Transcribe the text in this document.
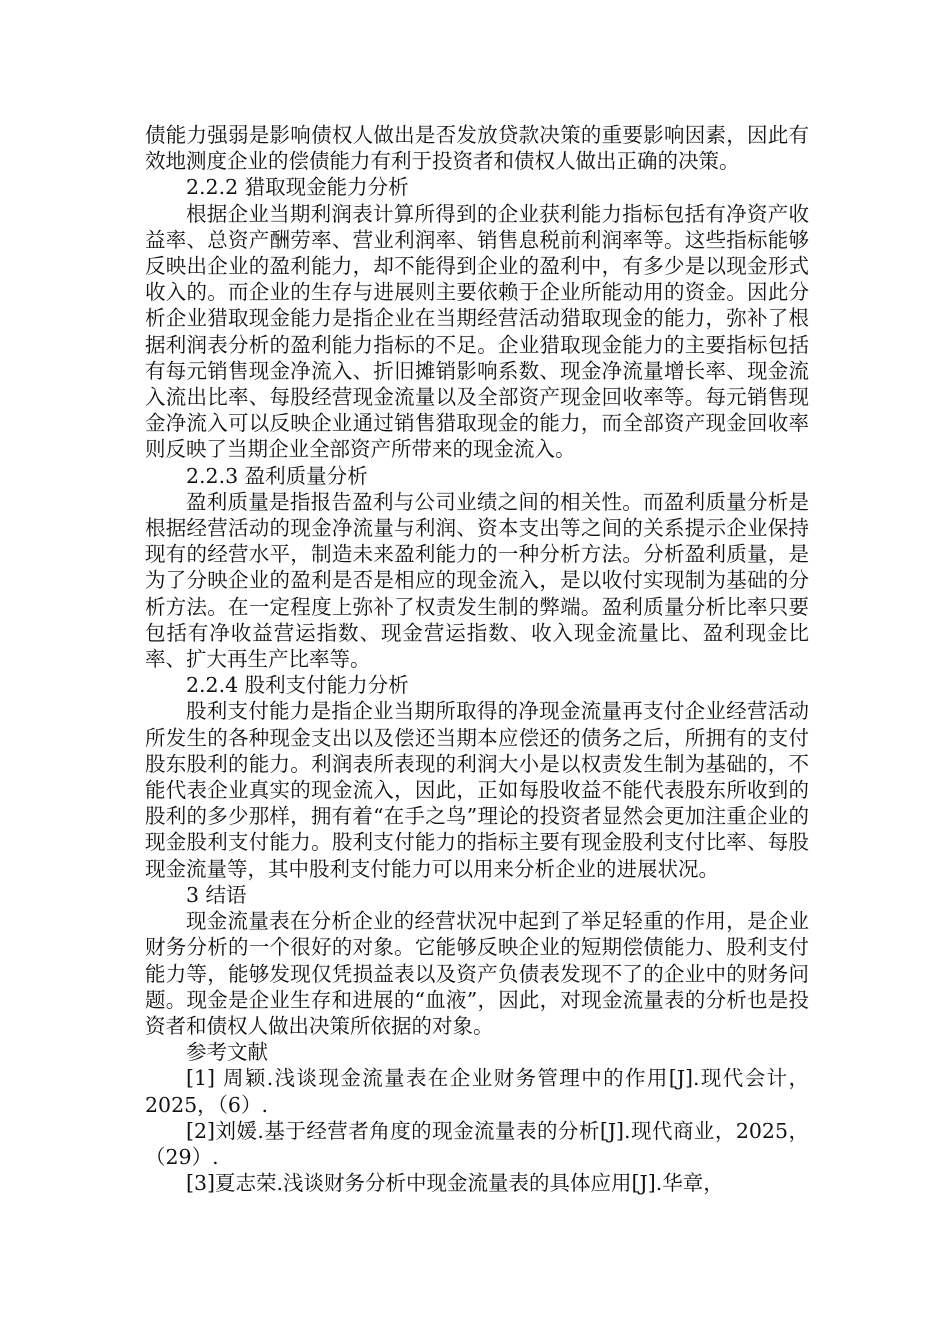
债能力强弱是影响债权人做出是否发放贷款决策的重要影响因素，因此有效地测度企业的偿债能力有利于投资者和债权人做出正确的决策。

2.2.2 猎取现金能力分析

根据企业当期利润表计算所得到的企业获利能力指标包括有净资产收益率、总资产酬劳率、营业利润率、销售息税前利润率等。这些指标能够反映出企业的盈利能力，却不能得到企业的盈利中，有多少是以现金形式收入的。而企业的生存与进展则主要依赖于企业所能动用的资金。因此分析企业猎取现金能力是指企业在当期经营活动猎取现金的能力，弥补了根据利润表分析的盈利能力指标的不足。企业猎取现金能力的主要指标包括有每元销售现金净流入、折旧摊销影响系数、现金净流量增长率、现金流入流出比率、每股经营现金流量以及全部资产现金回收率等。每元销售现金净流入可以反映企业通过销售猎取现金的能力，而全部资产现金回收率则反映了当期企业全部资产所带来的现金流入。

2.2.3 盈利质量分析

盈利质量是指报告盈利与公司业绩之间的相关性。而盈利质量分析是根据经营活动的现金净流量与利润、资本支出等之间的关系提示企业保持现有的经营水平，制造未来盈利能力的一种分析方法。分析盈利质量，是为了分映企业的盈利是否是相应的现金流入，是以收付实现制为基础的分析方法。在一定程度上弥补了权责发生制的弊端。盈利质量分析比率只要包括有净收益营运指数、现金营运指数、收入现金流量比、盈利现金比率、扩大再生产比率等。

2.2.4 股利支付能力分析

股利支付能力是指企业当期所取得的净现金流量再支付企业经营活动所发生的各种现金支出以及偿还当期本应偿还的债务之后，所拥有的支付股东股利的能力。利润表所表现的利润大小是以权责发生制为基础的，不能代表企业真实的现金流入，因此，正如每股收益不能代表股东所收到的股利的多少那样，拥有着“在手之鸟”理论的投资者显然会更加注重企业的现金股利支付能力。股利支付能力的指标主要有现金股利支付比率、每股现金流量等，其中股利支付能力可以用来分析企业的进展状况。

3 结语

现金流量表在分析企业的经营状况中起到了举足轻重的作用，是企业财务分析的一个很好的对象。它能够反映企业的短期偿债能力、股利支付能力等，能够发现仅凭损益表以及资产负债表发现不了的企业中的财务问题。现金是企业生存和进展的“血液”，因此，对现金流量表的分析也是投资者和债权人做出决策所依据的对象。

参考文献

[1] 周颖.浅谈现金流量表在企业财务管理中的作用[J].现代会计，2025，（6）.

[2]刘媛.基于经营者角度的现金流量表的分析[J].现代商业，2025，（29）.

[3]夏志荣.浅谈财务分析中现金流量表的具体应用[J].华章，
